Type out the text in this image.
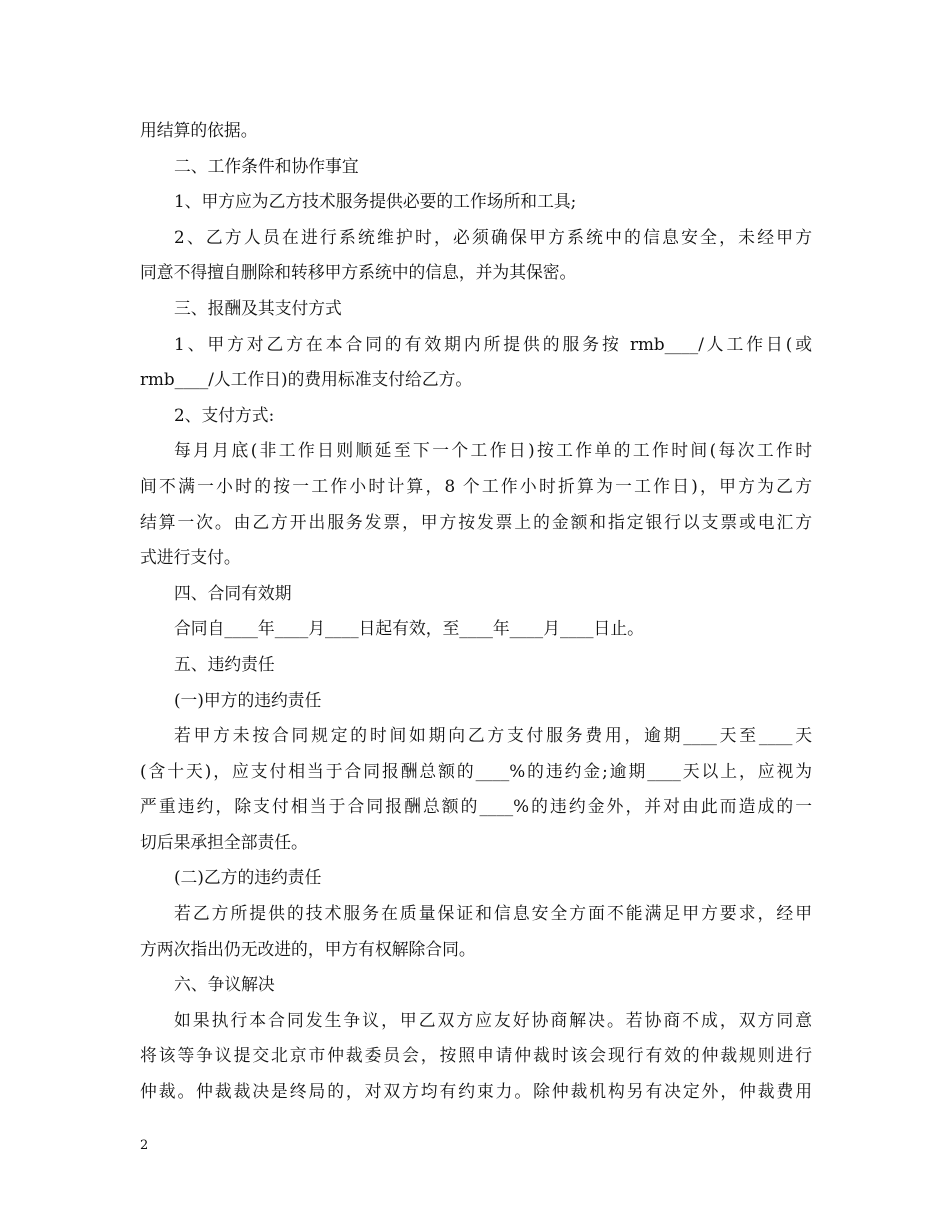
用结算的依据。
二、工作条件和协作事宜
1、甲方应为乙方技术服务提供必要的工作场所和工具;
2、乙方人员在进行系统维护时，必须确保甲方系统中的信息安全，未经甲方
同意不得擅自删除和转移甲方系统中的信息，并为其保密。
三、报酬及其支付方式
1、甲方对乙方在本合同的有效期内所提供的服务按 rmb____/人工作日(或
rmb____/人工作日)的费用标准支付给乙方。
2、支付方式:
每月月底(非工作日则顺延至下一个工作日)按工作单的工作时间(每次工作时
间不满一小时的按一工作小时计算，8 个工作小时折算为一工作日)，甲方为乙方
结算一次。由乙方开出服务发票，甲方按发票上的金额和指定银行以支票或电汇方
式进行支付。
四、合同有效期
合同自____年____月____日起有效，至____年____月____日止。
五、违约责任
(一)甲方的违约责任
若甲方未按合同规定的时间如期向乙方支付服务费用，逾期____天至____天
(含十天)，应支付相当于合同报酬总额的____%的违约金;逾期____天以上，应视为
严重违约，除支付相当于合同报酬总额的____%的违约金外，并对由此而造成的一
切后果承担全部责任。
(二)乙方的违约责任
若乙方所提供的技术服务在质量保证和信息安全方面不能满足甲方要求，经甲
方两次指出仍无改进的，甲方有权解除合同。
六、争议解决
如果执行本合同发生争议，甲乙双方应友好协商解决。若协商不成，双方同意
将该等争议提交北京市仲裁委员会，按照申请仲裁时该会现行有效的仲裁规则进行
仲裁。仲裁裁决是终局的，对双方均有约束力。除仲裁机构另有决定外，仲裁费用
2
